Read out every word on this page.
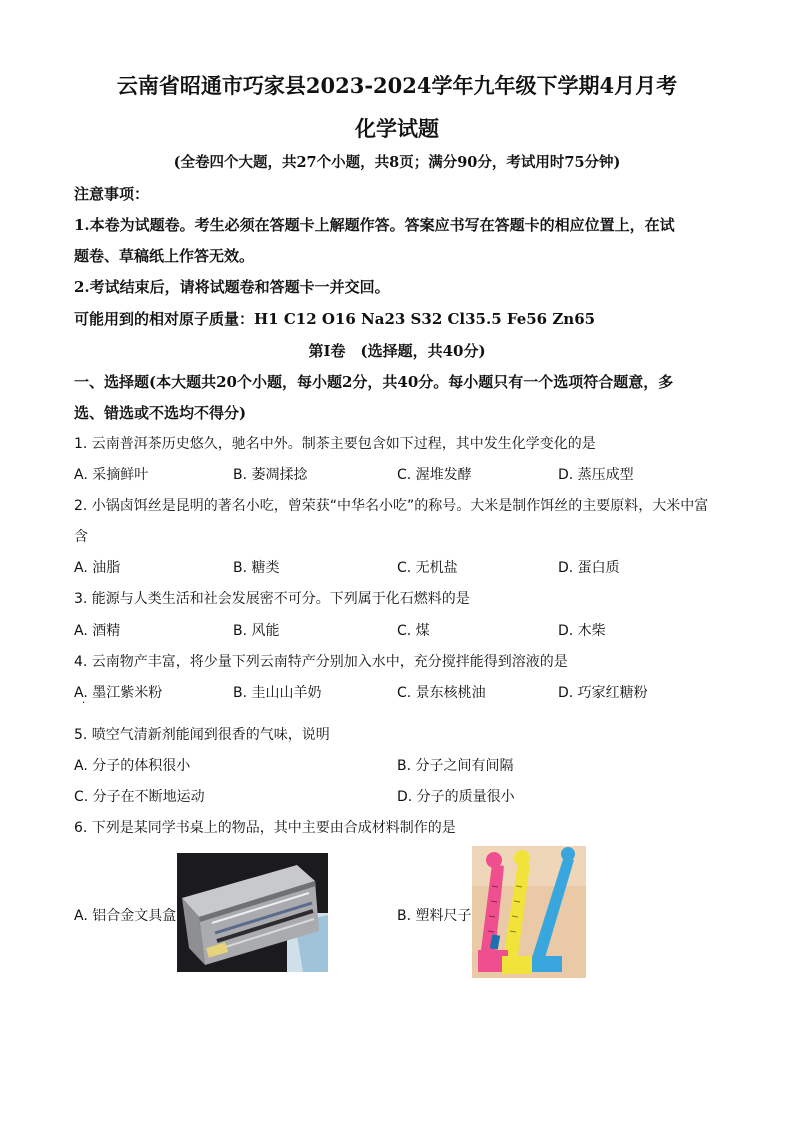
云南省昭通市巧家县2023-2024学年九年级下学期4月月考
化学试题
(全卷四个大题，共27个小题，共8页；满分90分，考试用时75分钟)
注意事项：
1.本卷为试题卷。考生必须在答题卡上解题作答。答案应书写在答题卡的相应位置上，在试
题卷、草稿纸上作答无效。
2.考试结束后，请将试题卷和答题卡一并交回。
可能用到的相对原子质量：H1 C12 O16 Na23 S32 Cl35.5 Fe56 Zn65
第Ⅰ卷　(选择题，共40分)
一、选择题(本大题共20个小题，每小题2分，共40分。每小题只有一个选项符合题意，多
选、错选或不选均不得分)
1. 云南普洱茶历史悠久，驰名中外。制茶主要包含如下过程，其中发生化学变化的是
A. 采摘鲜叶	B. 萎凋揉捻	C. 渥堆发酵	D. 蒸压成型
2. 小锅卤饵丝是昆明的著名小吃，曾荣获“中华名小吃”的称号。大米是制作饵丝的主要原料，大米中富
含
A. 油脂	B. 糖类	C. 无机盐	D. 蛋白质
3. 能源与人类生活和社会发展密不可分。下列属于化石燃料的是
A. 酒精	B. 风能	C. 煤	D. 木柴
4. 云南物产丰富，将少量下列云南特产分别加入水中，充分搅拌能得到溶液的是
A. 墨江紫米粉	B. 圭山山羊奶	C. 景东核桃油	D. 巧家红糖粉
·
5. 喷空气清新剂能闻到很香的气味，说明
A. 分子的体积很小	B. 分子之间有间隔
C. 分子在不断地运动	D. 分子的质量很小
6. 下列是某同学书桌上的物品，其中主要由合成材料制作的是
A. 铝合金文具盒	B. 塑料尺子
